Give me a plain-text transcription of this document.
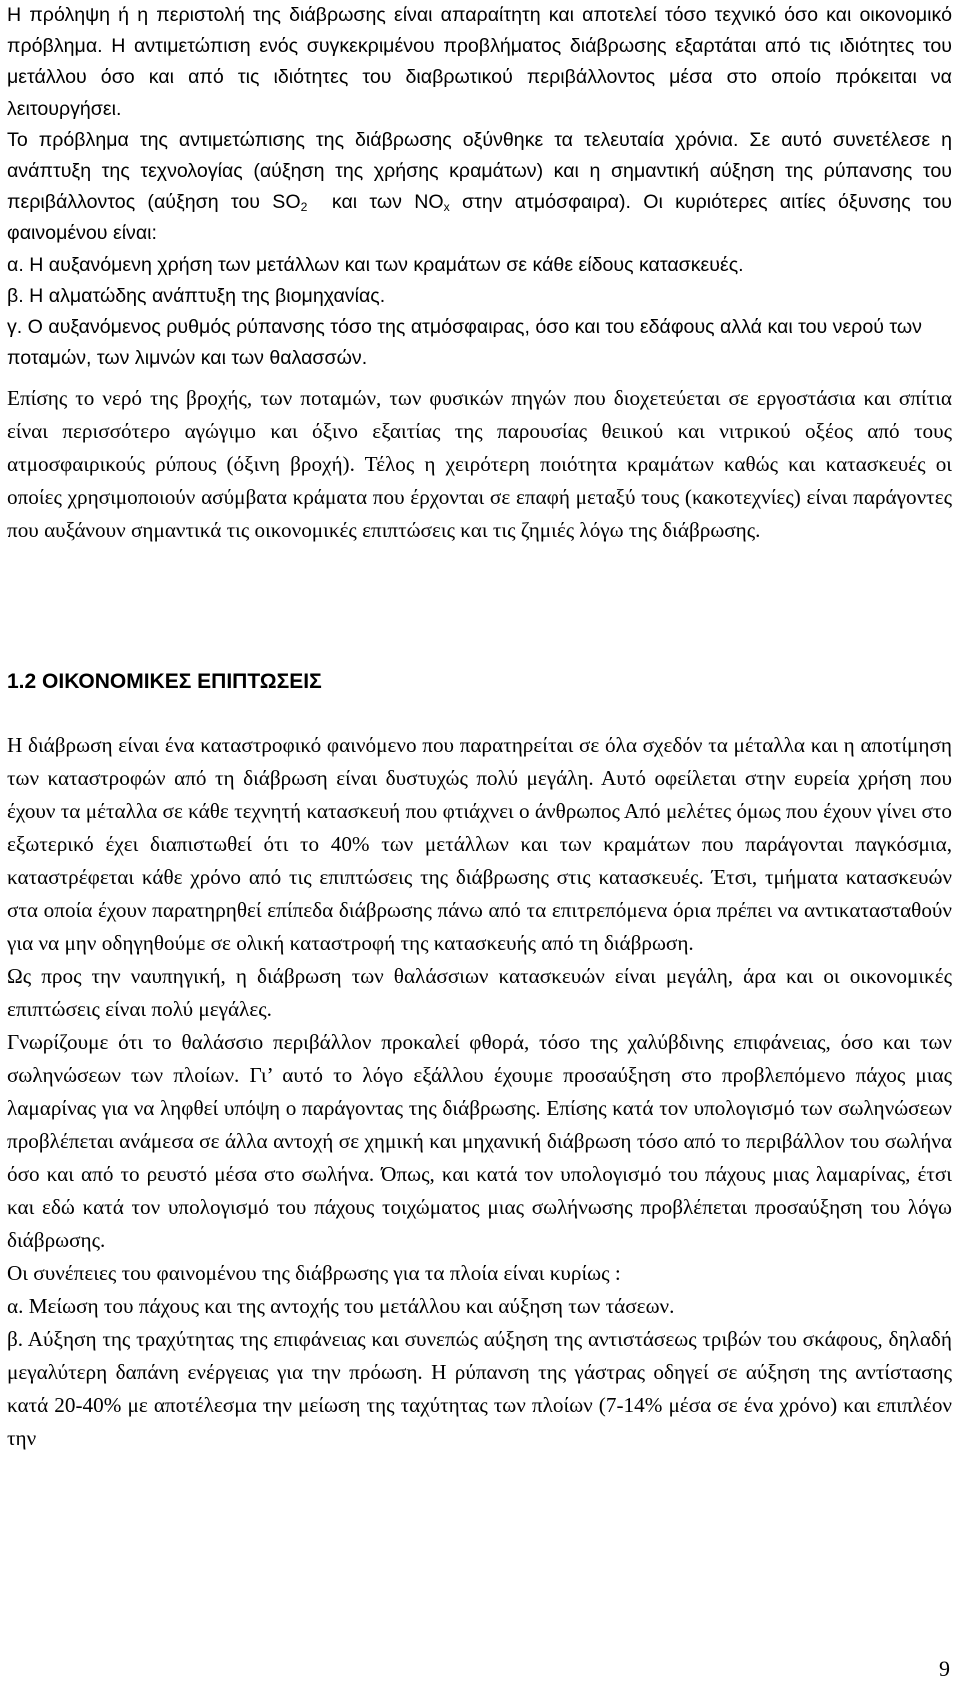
Η πρόληψη ή η περιστολή της διάβρωσης είναι απαραίτητη και αποτελεί τόσο τεχνικό όσο και οικονομικό πρόβλημα. Η αντιμετώπιση ενός συγκεκριμένου προβλήματος διάβρωσης εξαρτάται από τις ιδιότητες του μετάλλου όσο και από τις ιδιότητες του διαβρωτικού περιβάλλοντος μέσα στο οποίο πρόκειται να λειτουργήσει.

Το πρόβλημα της αντιμετώπισης της διάβρωσης οξύνθηκε τα τελευταία χρόνια. Σε αυτό συνετέλεσε η ανάπτυξη της τεχνολογίας (αύξηση της χρήσης κραμάτων) και η σημαντική αύξηση της ρύπανσης του περιβάλλοντος (αύξηση του $SO_2$  και των $NO_x$ στην ατμόσφαιρα). Οι κυριότερες αιτίες όξυνσης του φαινομένου είναι:

α. Η αυξανόμενη χρήση των μετάλλων και των κραμάτων σε κάθε είδους κατασκευές.

β. Η αλματώδης ανάπτυξη της βιομηχανίας.

γ. Ο αυξανόμενος ρυθμός ρύπανσης τόσο της ατμόσφαιρας, όσο και του εδάφους αλλά και του νερού των ποταμών, των λιμνών και των θαλασσών.

Επίσης το νερό της βροχής, των ποταμών, των φυσικών πηγών που διοχετεύεται σε εργοστάσια και σπίτια είναι περισσότερο αγώγιμο και όξινο εξαιτίας της παρουσίας θειικού και νιτρικού οξέος από τους ατμοσφαιρικούς ρύπους (όξινη βροχή). Τέλος η χειρότερη ποιότητα κραμάτων καθώς και κατασκευές οι οποίες χρησιμοποιούν ασύμβατα κράματα που έρχονται σε επαφή μεταξύ τους (κακοτεχνίες) είναι παράγοντες που αυξάνουν σημαντικά τις οικονομικές επιπτώσεις και τις ζημιές λόγω της διάβρωσης.

1.2 ΟΙΚΟΝΟΜΙΚΕΣ ΕΠΙΠΤΩΣΕΙΣ

Η διάβρωση είναι ένα καταστροφικό φαινόμενο που παρατηρείται σε όλα σχεδόν τα μέταλλα και η αποτίμηση των καταστροφών από τη διάβρωση είναι δυστυχώς πολύ μεγάλη. Αυτό οφείλεται στην ευρεία χρήση που έχουν τα μέταλλα σε κάθε τεχνητή κατασκευή που φτιάχνει ο άνθρωπος Από μελέτες όμως που έχουν γίνει στο εξωτερικό έχει διαπιστωθεί ότι το 40% των μετάλλων και των κραμάτων που παράγονται παγκόσμια, καταστρέφεται κάθε χρόνο από τις επιπτώσεις της διάβρωσης στις κατασκευές. Έτσι, τμήματα κατασκευών στα οποία έχουν παρατηρηθεί επίπεδα διάβρωσης πάνω από τα επιτρεπόμενα όρια πρέπει να αντικατασταθούν για να μην οδηγηθούμε σε ολική καταστροφή της κατασκευής από τη διάβρωση.

Ως προς την ναυπηγική, η διάβρωση των θαλάσσιων κατασκευών είναι μεγάλη, άρα και οι οικονομικές επιπτώσεις είναι πολύ μεγάλες.

Γνωρίζουμε ότι το θαλάσσιο περιβάλλον προκαλεί φθορά, τόσο της χαλύβδινης επιφάνειας, όσο και των σωληνώσεων των πλοίων. Γι’ αυτό το λόγο εξάλλου έχουμε προσαύξηση στο προβλεπόμενο πάχος μιας λαμαρίνας για να ληφθεί υπόψη ο παράγοντας της διάβρωσης. Επίσης κατά τον υπολογισμό των σωληνώσεων προβλέπεται ανάμεσα σε άλλα αντοχή σε χημική και μηχανική διάβρωση τόσο από το περιβάλλον του σωλήνα όσο και από το ρευστό μέσα στο σωλήνα. Όπως, και κατά τον υπολογισμό του πάχους μιας λαμαρίνας, έτσι και εδώ κατά τον υπολογισμό του πάχους τοιχώματος μιας σωλήνωσης προβλέπεται προσαύξηση του λόγω διάβρωσης.

Οι συνέπειες του φαινομένου της διάβρωσης για τα πλοία είναι κυρίως :

α. Μείωση του πάχους και της αντοχής του μετάλλου και αύξηση των τάσεων.

β. Αύξηση της τραχύτητας της επιφάνειας και συνεπώς αύξηση της αντιστάσεως τριβών του σκάφους, δηλαδή μεγαλύτερη δαπάνη ενέργειας για την πρόωση. Η ρύπανση της γάστρας οδηγεί σε αύξηση της αντίστασης κατά 20-40% με αποτέλεσμα την μείωση της ταχύτητας των πλοίων (7-14% μέσα σε ένα χρόνο) και επιπλέον την

9
